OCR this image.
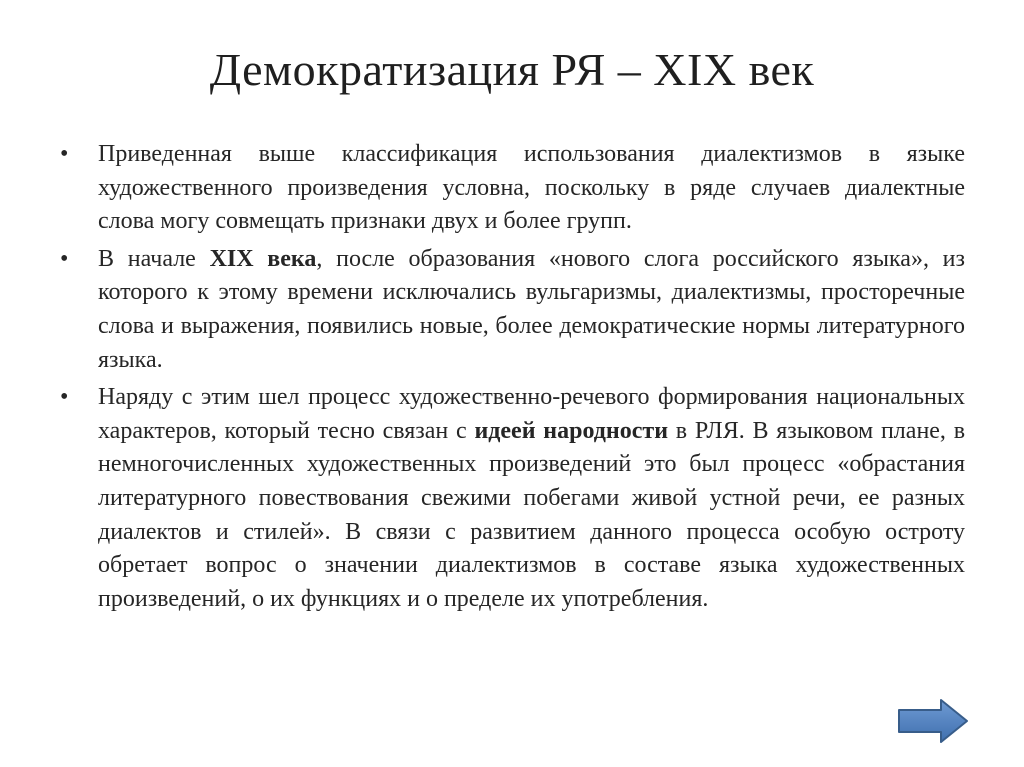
Демократизация РЯ – XIX век
• Приведенная выше классификация использования диалектизмов в языке художественного произведения условна, поскольку в ряде случаев диалектные слова могу совмещать признаки двух и более групп.
• В начале XIX века, после образования «нового слога российского языка», из которого к этому времени исключались вульгаризмы, диалектизмы, просторечные слова и выражения, появились новые, более демократические нормы литературного языка.
• Наряду с этим шел процесс художественно-речевого формирования национальных характеров, который тесно связан с идеей народности в РЛЯ. В языковом плане, в немногочисленных художественных произведений это был процесс «обрастания литературного повествования свежими побегами живой устной речи, ее разных диалектов и стилей». В связи с развитием данного процесса особую остроту обретает вопрос о значении диалектизмов в составе языка художественных произведений, о их функциях и о пределе их употребления.
